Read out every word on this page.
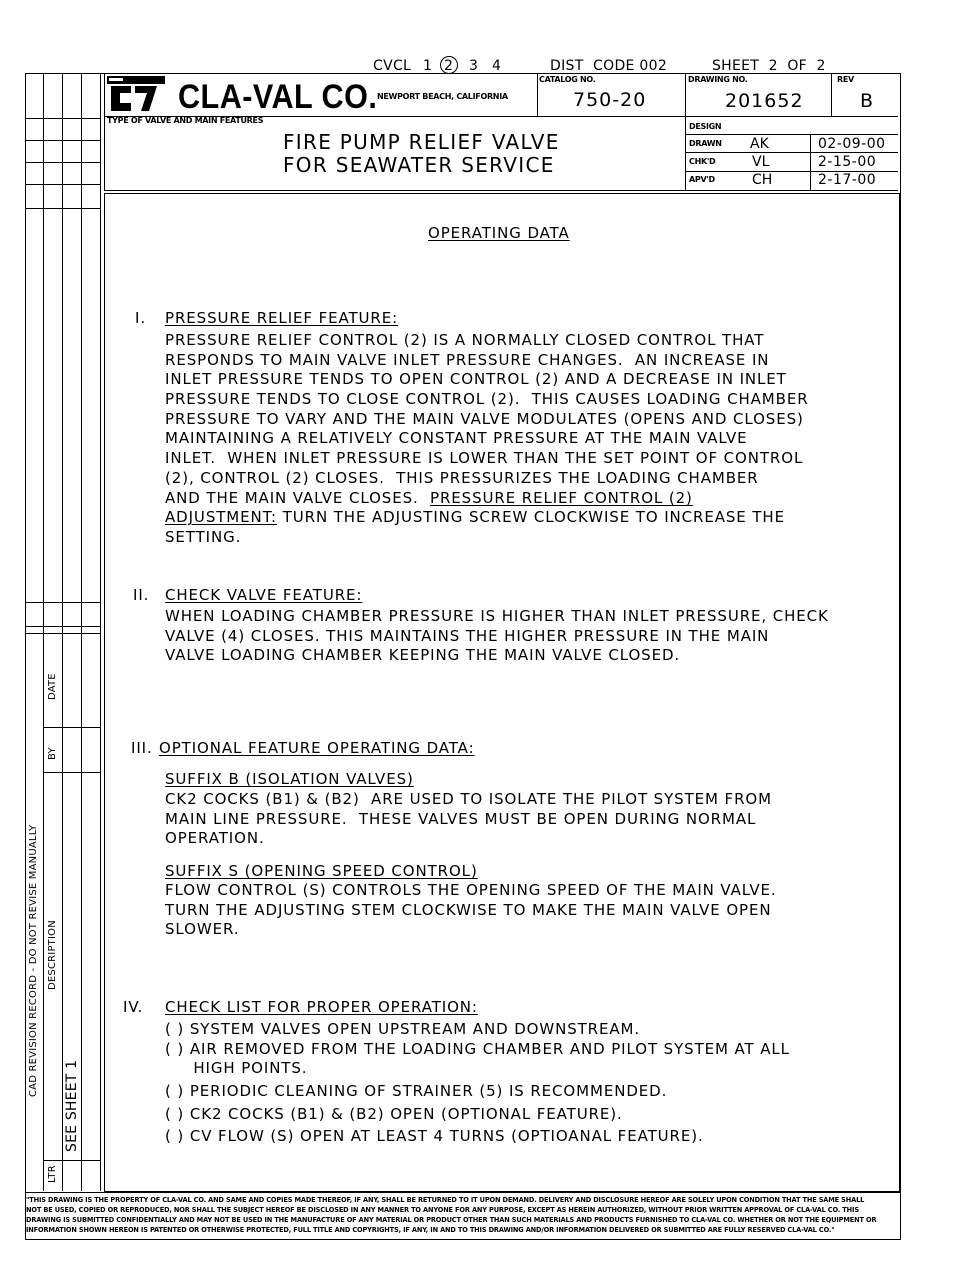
CVCL 1 2 3 4	DIST  CODE 002	SHEET  2  OF  2
CAD REVISION RECORD - DO NOT REVISE MANUALLY
DATE
BY
DESCRIPTION
LTR
SEE SHEET 1
CLA-VAL CO. NEWPORT BEACH, CALIFORNIA
CATALOG NO.
750-20
DRAWING NO.
201652
REV
B
TYPE OF VALVE AND MAIN FEATURES
FIRE PUMP RELIEF VALVE
FOR SEAWATER SERVICE
DESIGN
DRAWN AK	02-09-00
CHK'D	VL	2-15-00
APV'D	CH	2-17-00
OPERATING DATA
I. PRESSURE RELIEF FEATURE:
PRESSURE RELIEF CONTROL (2) IS A NORMALLY CLOSED CONTROL THAT
RESPONDS TO MAIN VALVE INLET PRESSURE CHANGES.  AN INCREASE IN
INLET PRESSURE TENDS TO OPEN CONTROL (2) AND A DECREASE IN INLET
PRESSURE TENDS TO CLOSE CONTROL (2).  THIS CAUSES LOADING CHAMBER
PRESSURE TO VARY AND THE MAIN VALVE MODULATES (OPENS AND CLOSES)
MAINTAINING A RELATIVELY CONSTANT PRESSURE AT THE MAIN VALVE
INLET.  WHEN INLET PRESSURE IS LOWER THAN THE SET POINT OF CONTROL
(2), CONTROL (2) CLOSES.  THIS PRESSURIZES THE LOADING CHAMBER
AND THE MAIN VALVE CLOSES.  PRESSURE RELIEF CONTROL (2)
ADJUSTMENT: TURN THE ADJUSTING SCREW CLOCKWISE TO INCREASE THE
SETTING.
II. CHECK VALVE FEATURE:
WHEN LOADING CHAMBER PRESSURE IS HIGHER THAN INLET PRESSURE, CHECK
VALVE (4) CLOSES. THIS MAINTAINS THE HIGHER PRESSURE IN THE MAIN
VALVE LOADING CHAMBER KEEPING THE MAIN VALVE CLOSED.
III. OPTIONAL FEATURE OPERATING DATA:
SUFFIX B (ISOLATION VALVES)
CK2 COCKS (B1) & (B2)  ARE USED TO ISOLATE THE PILOT SYSTEM FROM
MAIN LINE PRESSURE.  THESE VALVES MUST BE OPEN DURING NORMAL
OPERATION.
SUFFIX S (OPENING SPEED CONTROL)
FLOW CONTROL (S) CONTROLS THE OPENING SPEED OF THE MAIN VALVE.
TURN THE ADJUSTING STEM CLOCKWISE TO MAKE THE MAIN VALVE OPEN
SLOWER.
IV. CHECK LIST FOR PROPER OPERATION:
( ) SYSTEM VALVES OPEN UPSTREAM AND DOWNSTREAM.
( ) AIR REMOVED FROM THE LOADING CHAMBER AND PILOT SYSTEM AT ALL
HIGH POINTS.
( ) PERIODIC CLEANING OF STRAINER (5) IS RECOMMENDED.
( ) CK2 COCKS (B1) & (B2) OPEN (OPTIONAL FEATURE).
( ) CV FLOW (S) OPEN AT LEAST 4 TURNS (OPTIOANAL FEATURE).
"THIS DRAWING IS THE PROPERTY OF CLA-VAL CO. AND SAME AND COPIES MADE THEREOF, IF ANY, SHALL BE RETURNED TO IT UPON DEMAND. DELIVERY AND DISCLOSURE HEREOF ARE SOLELY UPON CONDITION THAT THE SAME SHALL
NOT BE USED, COPIED OR REPRODUCED, NOR SHALL THE SUBJECT HEREOF BE DISCLOSED IN ANY MANNER TO ANYONE FOR ANY PURPOSE, EXCEPT AS HEREIN AUTHORIZED, WITHOUT PRIOR WRITTEN APPROVAL OF CLA-VAL CO. THIS
DRAWING IS SUBMITTED CONFIDENTIALLY AND MAY NOT BE USED IN THE MANUFACTURE OF ANY MATERIAL OR PRODUCT OTHER THAN SUCH MATERIALS AND PRODUCTS FURNISHED TO CLA-VAL CO. WHETHER OR NOT THE EQUIPMENT OR
INFORMATION SHOWN HEREON IS PATENTED OR OTHERWISE PROTECTED, FULL TITLE AND COPYRIGHTS, IF ANY, IN AND TO THIS DRAWING AND/OR INFORMATION DELIVERED OR SUBMITTED ARE FULLY RESERVED CLA-VAL CO."
